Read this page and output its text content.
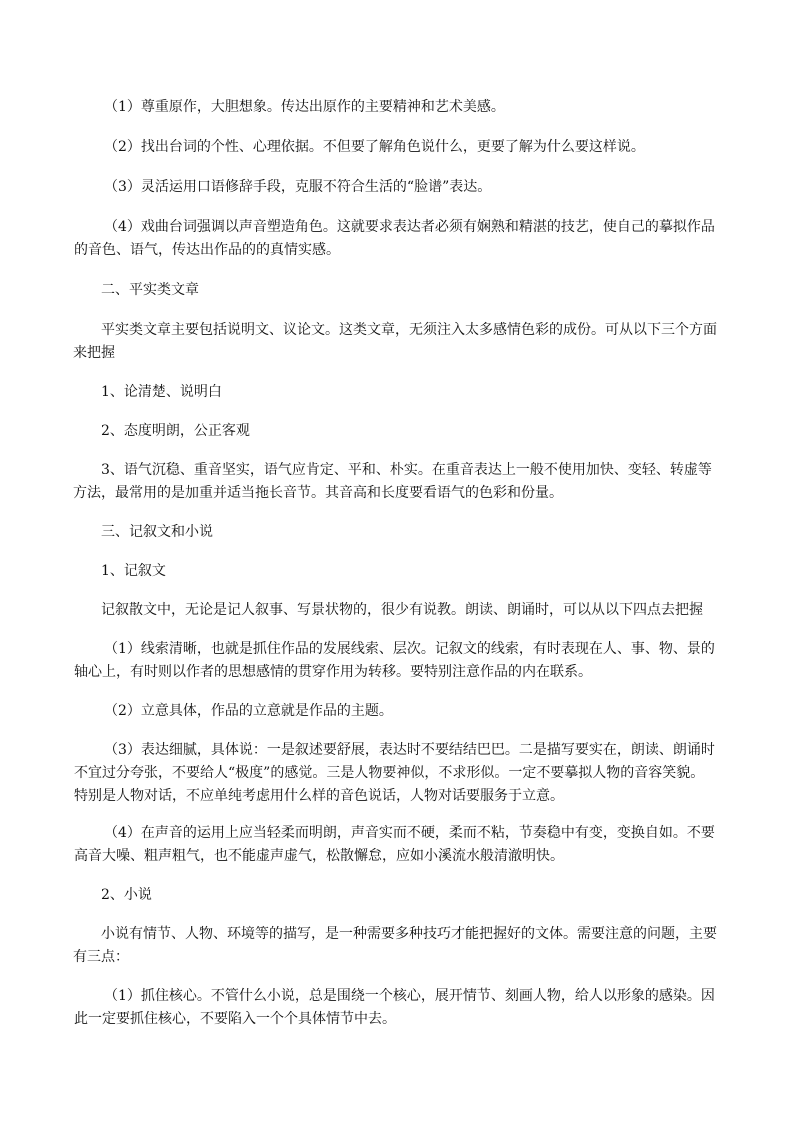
（1）尊重原作，大胆想象。传达出原作的主要精神和艺术美感。
（2）找出台词的个性、心理依据。不但要了解角色说什么，更要了解为什么要这样说。
（3）灵活运用口语修辞手段，克服不符合生活的“脸谱”表达。
（4）戏曲台词强调以声音塑造角色。这就要求表达者必须有娴熟和精湛的技艺，使自己的摹拟作品
的音色、语气，传达出作品的的真情实感。
二、平实类文章
平实类文章主要包括说明文、议论文。这类文章，无须注入太多感情色彩的成份。可从以下三个方面
来把握
1、论清楚、说明白
2、态度明朗，公正客观
3、语气沉稳、重音坚实，语气应肯定、平和、朴实。在重音表达上一般不使用加快、变轻、转虚等
方法，最常用的是加重并适当拖长音节。其音高和长度要看语气的色彩和份量。
三、记叙文和小说
1、记叙文
记叙散文中，无论是记人叙事、写景状物的，很少有说教。朗读、朗诵时，可以从以下四点去把握
（1）线索清晰，也就是抓住作品的发展线索、层次。记叙文的线索，有时表现在人、事、物、景的
轴心上，有时则以作者的思想感情的贯穿作用为转移。要特别注意作品的内在联系。
（2）立意具体，作品的立意就是作品的主题。
（3）表达细腻，具体说：一是叙述要舒展，表达时不要结结巴巴。二是描写要实在，朗读、朗诵时
不宜过分夸张，不要给人“极度”的感觉。三是人物要神似，不求形似。一定不要摹拟人物的音容笑貌。
特别是人物对话，不应单纯考虑用什么样的音色说话，人物对话要服务于立意。
（4）在声音的运用上应当轻柔而明朗，声音实而不硬，柔而不粘，节奏稳中有变，变换自如。不要
高音大噪、粗声粗气，也不能虚声虚气，松散懈怠，应如小溪流水般清澈明快。
2、小说
小说有情节、人物、环境等的描写，是一种需要多种技巧才能把握好的文体。需要注意的问题，主要
有三点：
（1）抓住核心。不管什么小说，总是围绕一个核心，展开情节、刻画人物，给人以形象的感染。因
此一定要抓住核心，不要陷入一个个具体情节中去。
